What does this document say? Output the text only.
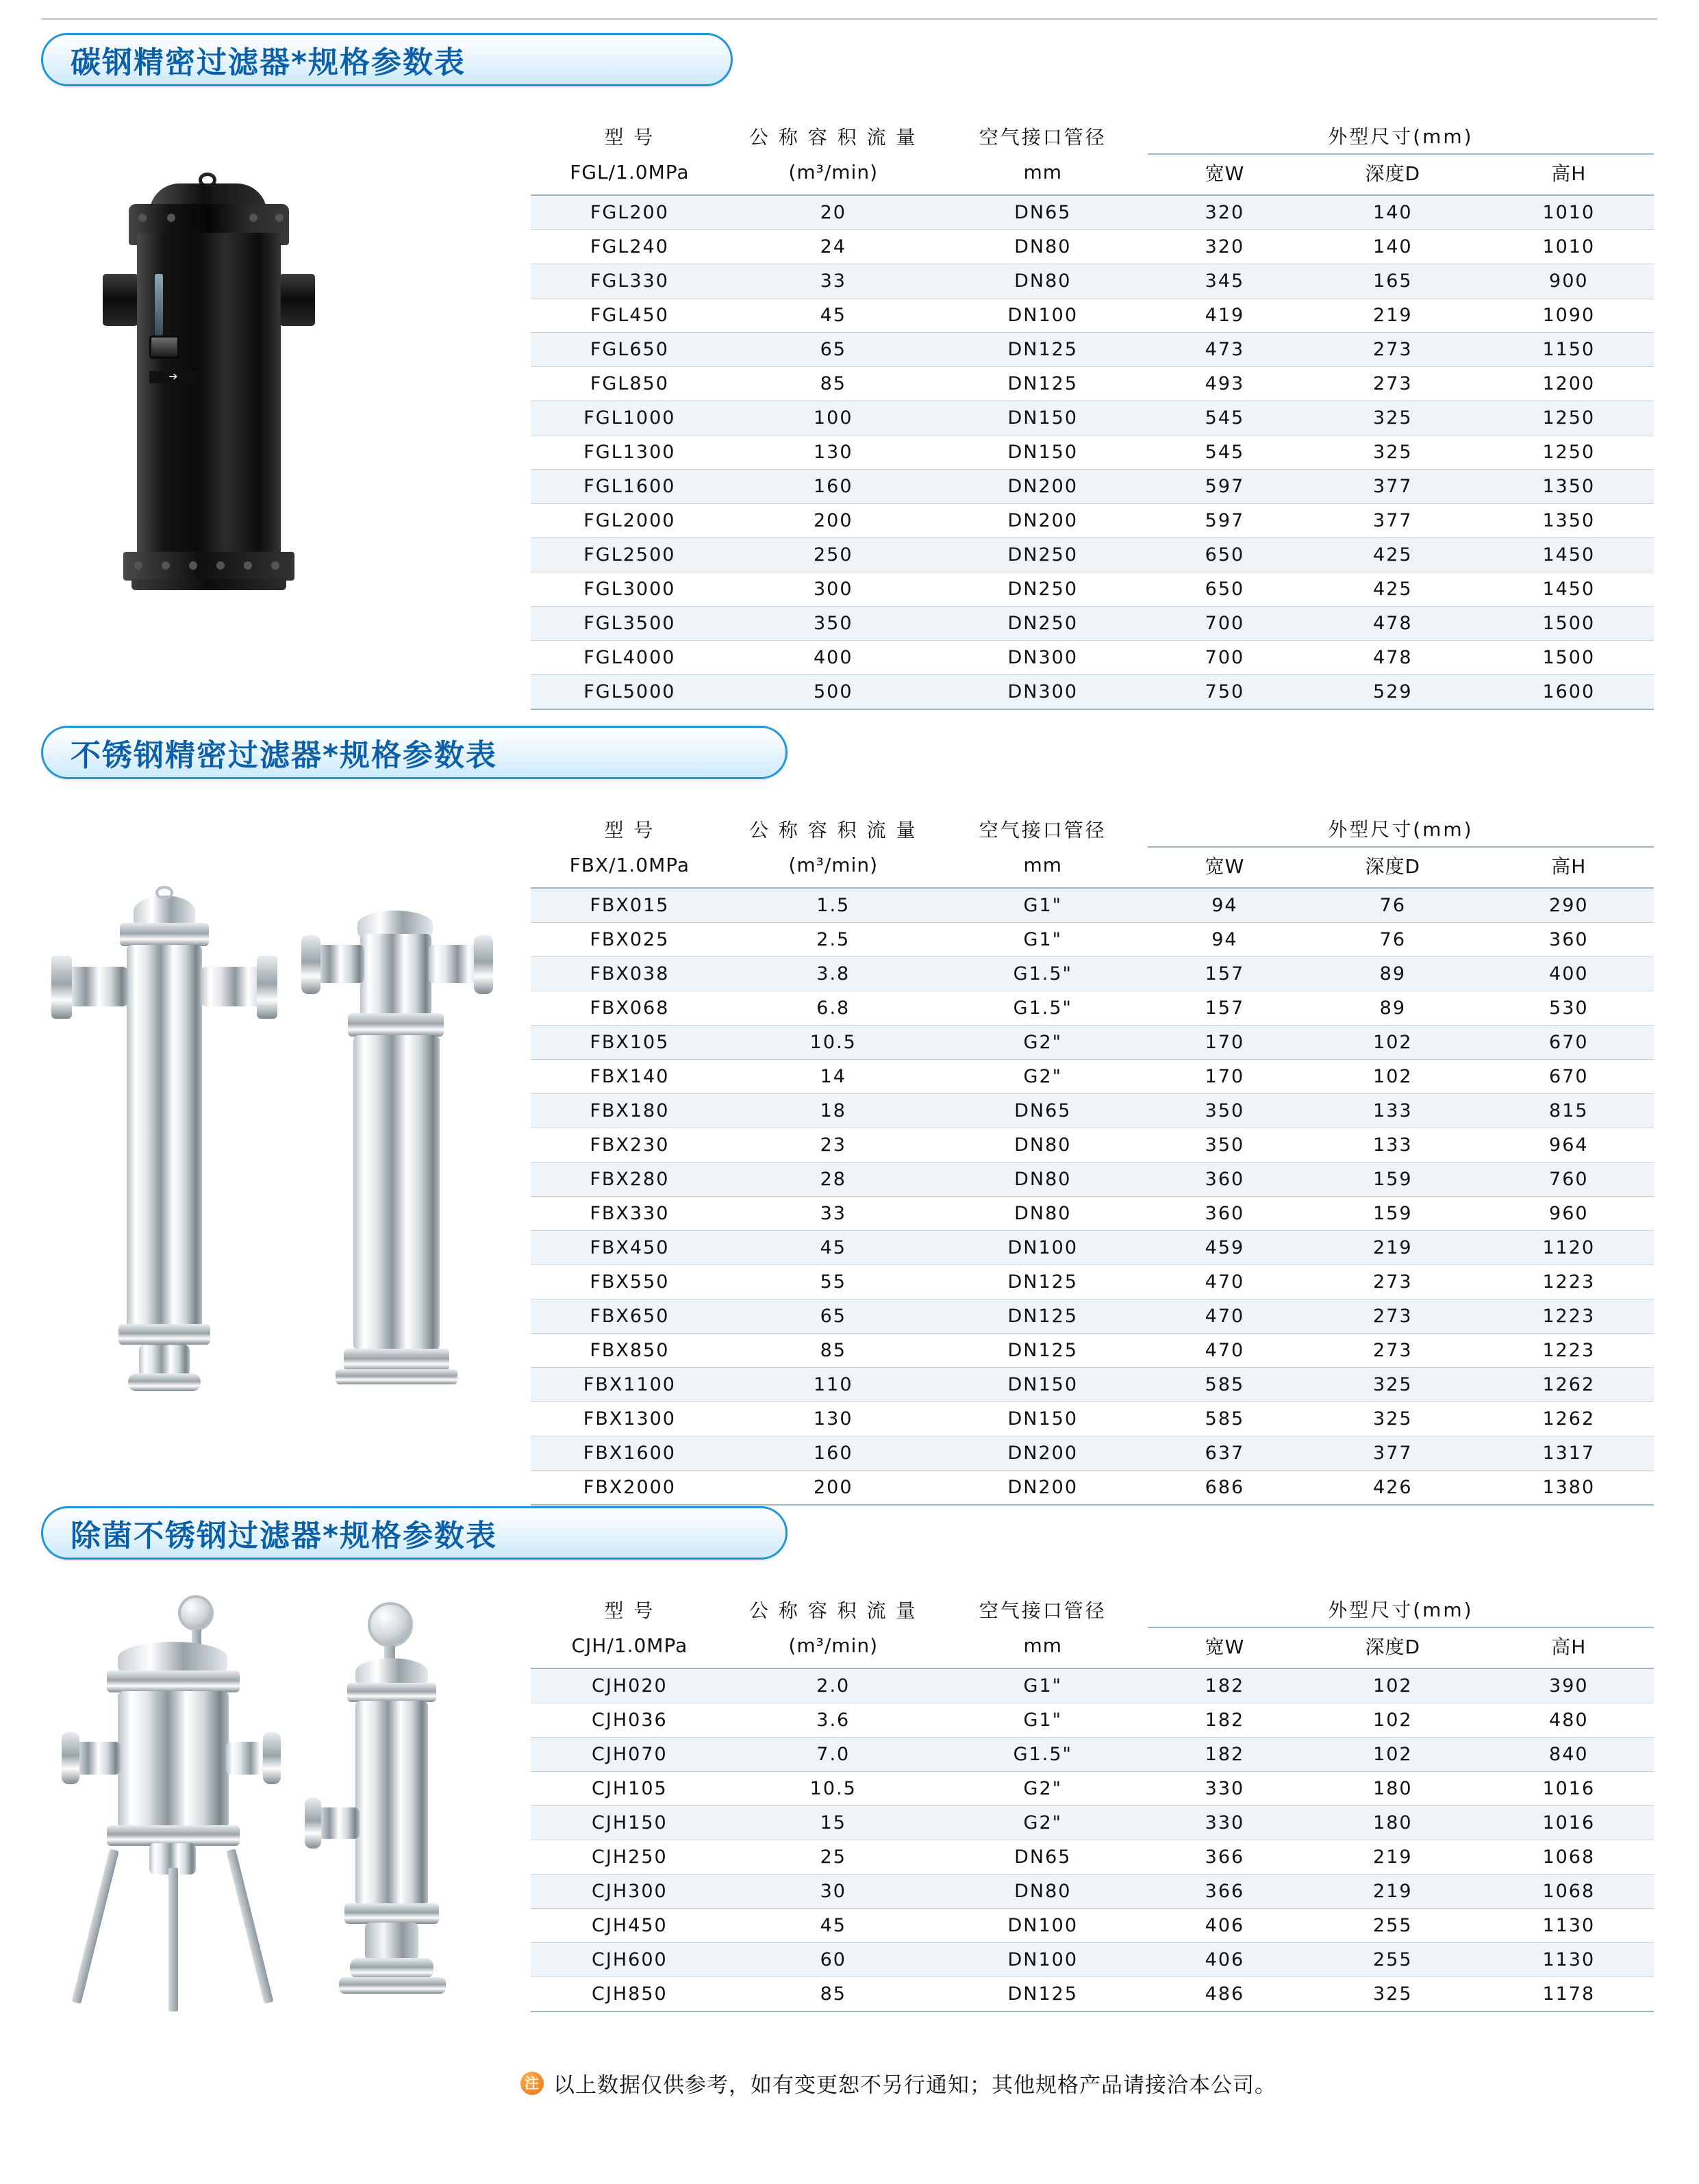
碳钢精密过滤器*规格参数表
➔
型 号	公 称 容 积 流 量	空气接口管径	外型尺寸(mm)		
FGL/1.0MPa	(m³/min)	mm	宽W	深度D	高H
FGL200	20	DN65	320	140	1010
FGL240	24	DN80	320	140	1010
FGL330	33	DN80	345	165	900
FGL450	45	DN100	419	219	1090
FGL650	65	DN125	473	273	1150
FGL850	85	DN125	493	273	1200
FGL1000	100	DN150	545	325	1250
FGL1300	130	DN150	545	325	1250
FGL1600	160	DN200	597	377	1350
FGL2000	200	DN200	597	377	1350
FGL2500	250	DN250	650	425	1450
FGL3000	300	DN250	650	425	1450
FGL3500	350	DN250	700	478	1500
FGL4000	400	DN300	700	478	1500
FGL5000	500	DN300	750	529	1600
不锈钢精密过滤器*规格参数表
型 号	公 称 容 积 流 量	空气接口管径	外型尺寸(mm)		
FBX/1.0MPa	(m³/min)	mm	宽W	深度D	高H
FBX015	1.5	G1"	94	76	290
FBX025	2.5	G1"	94	76	360
FBX038	3.8	G1.5"	157	89	400
FBX068	6.8	G1.5"	157	89	530
FBX105	10.5	G2"	170	102	670
FBX140	14	G2"	170	102	670
FBX180	18	DN65	350	133	815
FBX230	23	DN80	350	133	964
FBX280	28	DN80	360	159	760
FBX330	33	DN80	360	159	960
FBX450	45	DN100	459	219	1120
FBX550	55	DN125	470	273	1223
FBX650	65	DN125	470	273	1223
FBX850	85	DN125	470	273	1223
FBX1100	110	DN150	585	325	1262
FBX1300	130	DN150	585	325	1262
FBX1600	160	DN200	637	377	1317
FBX2000	200	DN200	686	426	1380
除菌不锈钢过滤器*规格参数表
型 号	公 称 容 积 流 量	空气接口管径	外型尺寸(mm)		
CJH/1.0MPa	(m³/min)	mm	宽W	深度D	高H
CJH020	2.0	G1"	182	102	390
CJH036	3.6	G1"	182	102	480
CJH070	7.0	G1.5"	182	102	840
CJH105	10.5	G2"	330	180	1016
CJH150	15	G2"	330	180	1016
CJH250	25	DN65	366	219	1068
CJH300	30	DN80	366	219	1068
CJH450	45	DN100	406	255	1130
CJH600	60	DN100	406	255	1130
CJH850	85	DN125	486	325	1178
注 以上数据仅供参考，如有变更恕不另行通知；其他规格产品请接洽本公司。
